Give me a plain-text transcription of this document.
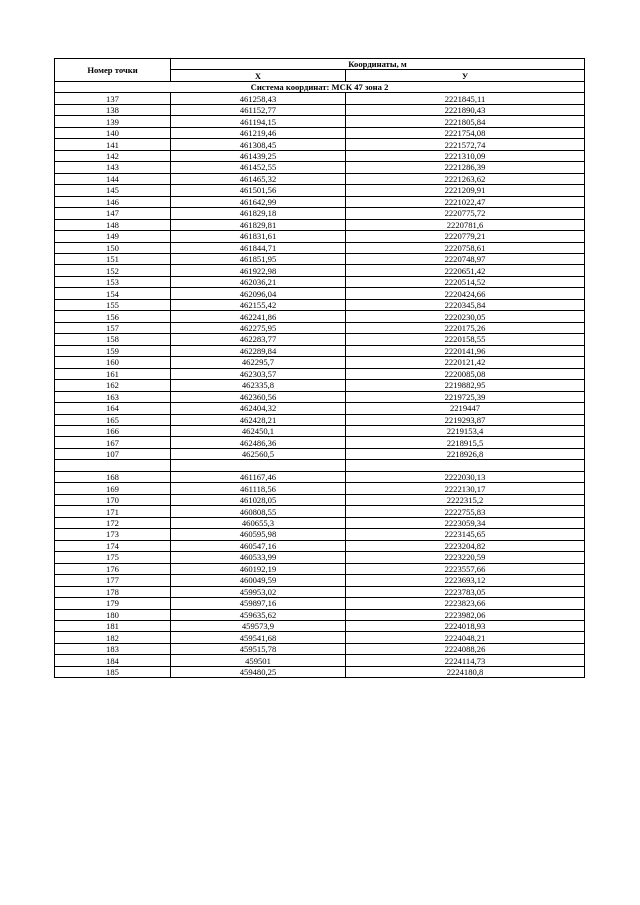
Номер точки	Координаты, м	
	X	У
Система координат: МСК 47 зона 2		
137	461258,43	2221845,11
138	461152,77	2221890,43
139	461194,15	2221805,84
140	461219,46	2221754,08
141	461308,45	2221572,74
142	461439,25	2221310,09
143	461452,55	2221286,39
144	461465,32	2221263,62
145	461501,56	2221209,91
146	461642,99	2221022,47
147	461829,18	2220775,72
148	461829,81	2220781,6
149	461831,61	2220779,21
150	461844,71	2220758,61
151	461851,95	2220748,97
152	461922,98	2220651,42
153	462036,21	2220514,52
154	462096,04	2220424,66
155	462155,42	2220345,84
156	462241,86	2220230,05
157	462275,95	2220175,26
158	462283,77	2220158,55
159	462289,84	2220141,96
160	462295,7	2220121,42
161	462303,57	2220085,08
162	462335,8	2219882,95
163	462360,56	2219725,39
164	462404,32	2219447
165	462428,21	2219293,87
166	462450,1	2219153,4
167	462486,36	2218915,5
107	462560,5	2218926,8

168	461167,46	2222030,13
169	461118,56	2222130,17
170	461028,05	2222315,2
171	460808,55	2222755,83
172	460655,3	2223059,34
173	460595,98	2223145,65
174	460547,16	2223204,82
175	460533,99	2223220,59
176	460192,19	2223557,66
177	460049,59	2223693,12
178	459953,02	2223783,05
179	459897,16	2223823,66
180	459635,62	2223982,06
181	459573,9	2224018,93
182	459541,68	2224048,21
183	459515,78	2224088,26
184	459501	2224114,73
185	459480,25	2224180,8
